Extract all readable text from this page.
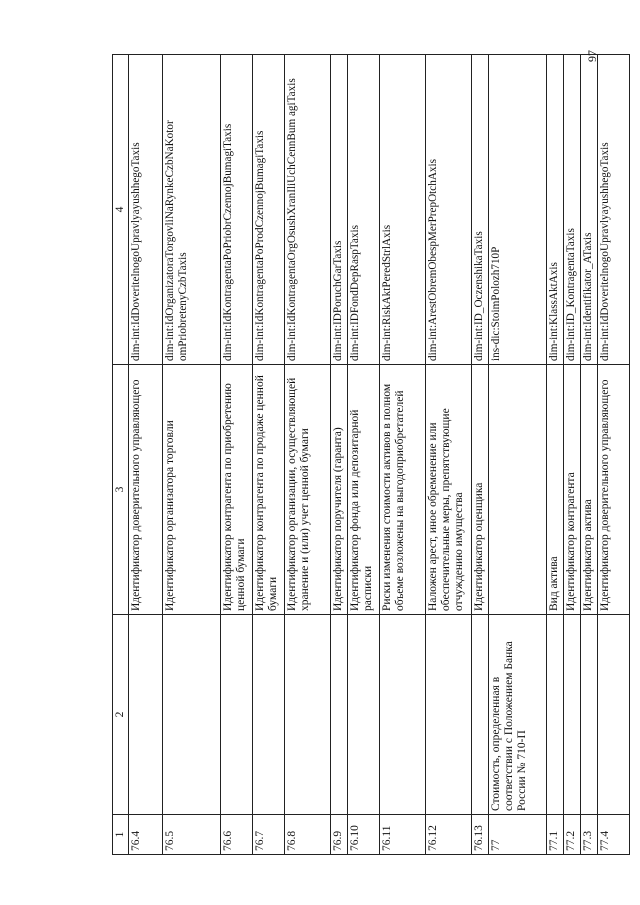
1	2	3	4
76.4		Идентификатор доверительного управляющего	dim-int:IdDoveritelnogoUpravlyayushhegoTaxis
76.5		Идентификатор организатора торговли	dim-int:IdOrganizatoraTorgovliNaRynkeCzbNaKotor omPriobretenyCzbTaxis
76.6		Идентификатор контрагента по приобретению ценной бумаги	dim-int:IdKontragentaPoPriobrCzennojBumagiTaxis
76.7		Идентификатор контрагента по продаже ценной бумаги	dim-int:IdKontragentaPoProdCzennojBumagiTaxis
76.8		Идентификатор организации, осуществляющей хранение и (или) учет ценной бумаги	dim-int:IdKontragentaOrgOsushXranIliUchCennBum agiTaxis
76.9		Идентификатор поручителя (гаранта)	dim-int:IDPoruchGarTaxis
76.10		Идентификатор фонда или депозитарной расписки	dim-int:IDFondDepRaspTaxis
76.11		Риски изменения стоимости активов в полном объеме возложены на выгодоприобретателей	dim-int:RiskAktPeredStrlAxis
76.12		Наложен арест, иное обременение или обеспечительные меры, препятствующие отчуждению имущества	dim-int:ArestObremObespMerPrepOtchAxis
76.13		Идентификатор оценщика	dim-int:ID_OczenshikaTaxis
77	Стоимость, определенная в соответствии с Положением Банка России № 710-П		ins-dic:StoimPolozh710P
77.1		Вид актива	dim-int:KlassAktAxis
77.2		Идентификатор контрагента	dim-int:ID_KontragentaTaxis
77.3		Идентификатор актива	dim-int:Identifikator_ATaxis
77.4		Идентификатор доверительного управляющего	dim-int:IdDoveritelnogoUpravlyayushhegoTaxis
97
